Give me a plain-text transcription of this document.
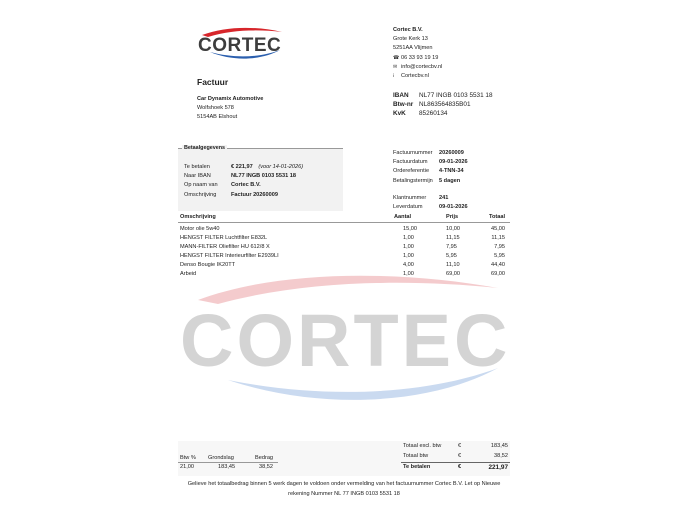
CORTEC
CORTEC
Cortec B.V.
Grote Kerk 13
5251AA Vlijmen
☎ 06 33 93 19 19
✉ info@cortecbv.nl
ⅰ Cortecbv.nl
IBAN NL77 INGB 0103 5531 18
Btw-nr NL863564835B01
KvK 85260134
Factuur
Car Dynamix Automotive
Wolfshoek 578
5154AB Elshout
Betaalgegevens
Te betalen	€ 221,97 (voor 14-01-2026)
Naar IBAN	NL77 INGB 0103 5531 18
Op naam van Cortec B.V.
Omschrijving	Factuur 20260009
Factuurnummer 20260009
Factuurdatum 09-01-2026
Ordereferentie 4-TNN-34
Betalingstermijn 5 dagen
Klantnummer 241
Leverdatum	09-01-2026
Omschrijving	Aantal	Prijs	Totaal
Motor olie 5w40	15,00	10,00	45,00
HENGST FILTER Luchtfilter E832L	1,00	11,15	11,15
MANN-FILTER Oliefilter HU 612/8 X	1,00	7,95	7,95
HENGST FILTER Interieurfilter E2939LI	1,00	5,95	5,95
Denso Bougie IK20TT	4,00	11,10	44,40
Arbeid	1,00	69,00	69,00
Btw % Grondslag	Bedrag
21,00	183,45	38,52
Totaal excl. btw	€	183,45
Totaal btw	€	38,52
Te betalen	€	221,97
Gelieve het totaalbedrag binnen 5 werk dagen te voldoen onder vermelding van het factuurnummer Cortec B.V. Let op Nieuwe
rekening Nummer NL 77 INGB 0103 5531 18
